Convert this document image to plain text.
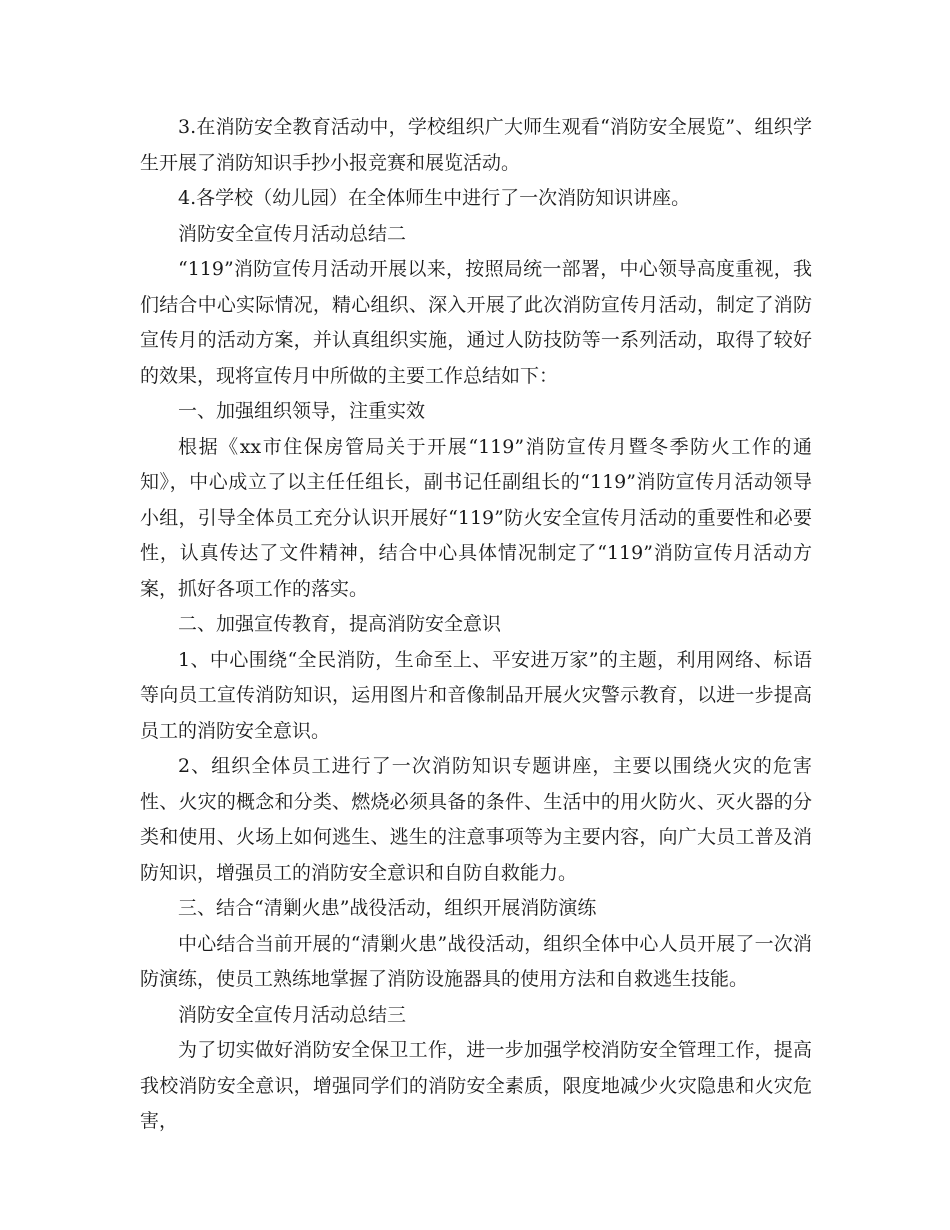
3.在消防安全教育活动中，学校组织广大师生观看“消防安全展览”、组织学生开展了消防知识手抄小报竞赛和展览活动。

4.各学校（幼儿园）在全体师生中进行了一次消防知识讲座。

消防安全宣传月活动总结二

“119”消防宣传月活动开展以来，按照局统一部署，中心领导高度重视，我们结合中心实际情况，精心组织、深入开展了此次消防宣传月活动，制定了消防宣传月的活动方案，并认真组织实施，通过人防技防等一系列活动，取得了较好的效果，现将宣传月中所做的主要工作总结如下：

一、加强组织领导，注重实效

根据《xx市住保房管局关于开展“119”消防宣传月暨冬季防火工作的通知》，中心成立了以主任任组长，副书记任副组长的“119”消防宣传月活动领导小组，引导全体员工充分认识开展好“119”防火安全宣传月活动的重要性和必要性，认真传达了文件精神，结合中心具体情况制定了“119”消防宣传月活动方案，抓好各项工作的落实。

二、加强宣传教育，提高消防安全意识

1、中心围绕“全民消防，生命至上、平安进万家”的主题，利用网络、标语等向员工宣传消防知识，运用图片和音像制品开展火灾警示教育，以进一步提高员工的消防安全意识。

2、组织全体员工进行了一次消防知识专题讲座，主要以围绕火灾的危害性、火灾的概念和分类、燃烧必须具备的条件、生活中的用火防火、灭火器的分类和使用、火场上如何逃生、逃生的注意事项等为主要内容，向广大员工普及消防知识，增强员工的消防安全意识和自防自救能力。

三、结合“清剿火患”战役活动，组织开展消防演练

中心结合当前开展的“清剿火患”战役活动，组织全体中心人员开展了一次消防演练，使员工熟练地掌握了消防设施器具的使用方法和自救逃生技能。

消防安全宣传月活动总结三

为了切实做好消防安全保卫工作，进一步加强学校消防安全管理工作，提高我校消防安全意识，增强同学们的消防安全素质，限度地减少火灾隐患和火灾危害，
